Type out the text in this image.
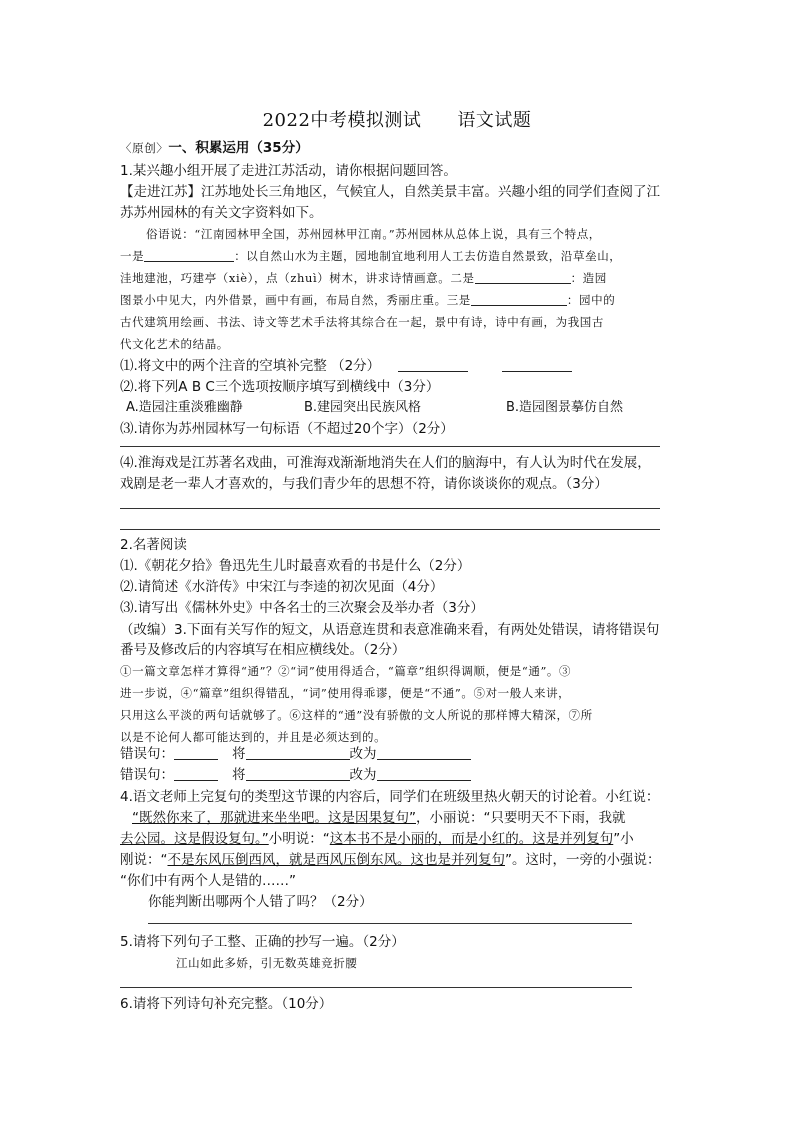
2022中考模拟测试 语文试题
〈原创〉一、积累运用（35分）
1.某兴趣小组开展了走进江苏活动，请你根据问题回答。
【走进江苏】江苏地处长三角地区，气候宜人，自然美景丰富。兴趣小组的同学们查阅了江
苏苏州园林的有关文字资料如下。
俗语说：“江南园林甲全国，苏州园林甲江南。”苏州园林从总体上说，具有三个特点，
一是	：以自然山水为主题，园地制宜地利用人工去仿造自然景致，沿草垒山，
洼地建池，巧建亭（xiè），点（zhuì）树木，讲求诗情画意。二是	：造园
图景小中见大，内外借景，画中有画，布局自然，秀丽庄重。三是	：园中的
古代建筑用绘画、书法、诗文等艺术手法将其综合在一起，景中有诗，诗中有画，为我国古
代文化艺术的结晶。
⑴.将文中的两个注音的空填补完整 （2分）
⑵.将下列A B C三个选项按顺序填写到横线中（3分）
A.造园注重淡雅幽静	B.建园突出民族风格	B.造园图景摹仿自然
⑶.请你为苏州园林写一句标语（不超过20个字）（2分）
⑷.淮海戏是江苏著名戏曲，可淮海戏渐渐地消失在人们的脑海中，有人认为时代在发展，
戏剧是老一辈人才喜欢的，与我们青少年的思想不符，请你谈谈你的观点。（3分）
2.名著阅读
⑴.《朝花夕拾》鲁迅先生儿时最喜欢看的书是什么（2分）
⑵.请简述《水浒传》中宋江与李逵的初次见面（4分）
⑶.请写出《儒林外史》中各名士的三次聚会及举办者（3分）
（改编）3.下面有关写作的短文，从语意连贯和表意准确来看，有两处处错误，请将错误句
番号及修改后的内容填写在相应横线处。（2分）
①一篇文章怎样才算得“通”？②“词”使用得适合，“篇章”组织得调顺，便是“通”。③
进一步说，④“篇章”组织得错乱，“词”使用得乖谬，便是“不通”。⑤对一般人来讲，
只用这么平淡的两句话就够了。⑥这样的“通”没有骄傲的文人所说的那样博大精深，⑦所
以是不论何人都可能达到的，并且是必须达到的。
错误句：	将	改为
错误句：	将	改为
4.语文老师上完复句的类型这节课的内容后，同学们在班级里热火朝天的讨论着。小红说：
“既然你来了，那就进来坐坐吧。这是因果复句”，小丽说：“只要明天不下雨，我就
去公园。这是假设复句。”小明说：“这本书不是小丽的，而是小红的。这是并列复句”小
刚说：“不是东风压倒西风，就是西风压倒东风。这也是并列复句”。这时，一旁的小强说：
“你们中有两个人是错的……”
你能判断出哪两个人错了吗？（2分）
5.请将下列句子工整、正确的抄写一遍。（2分）
江山如此多娇，引无数英雄竞折腰
6.请将下列诗句补充完整。（10分）
